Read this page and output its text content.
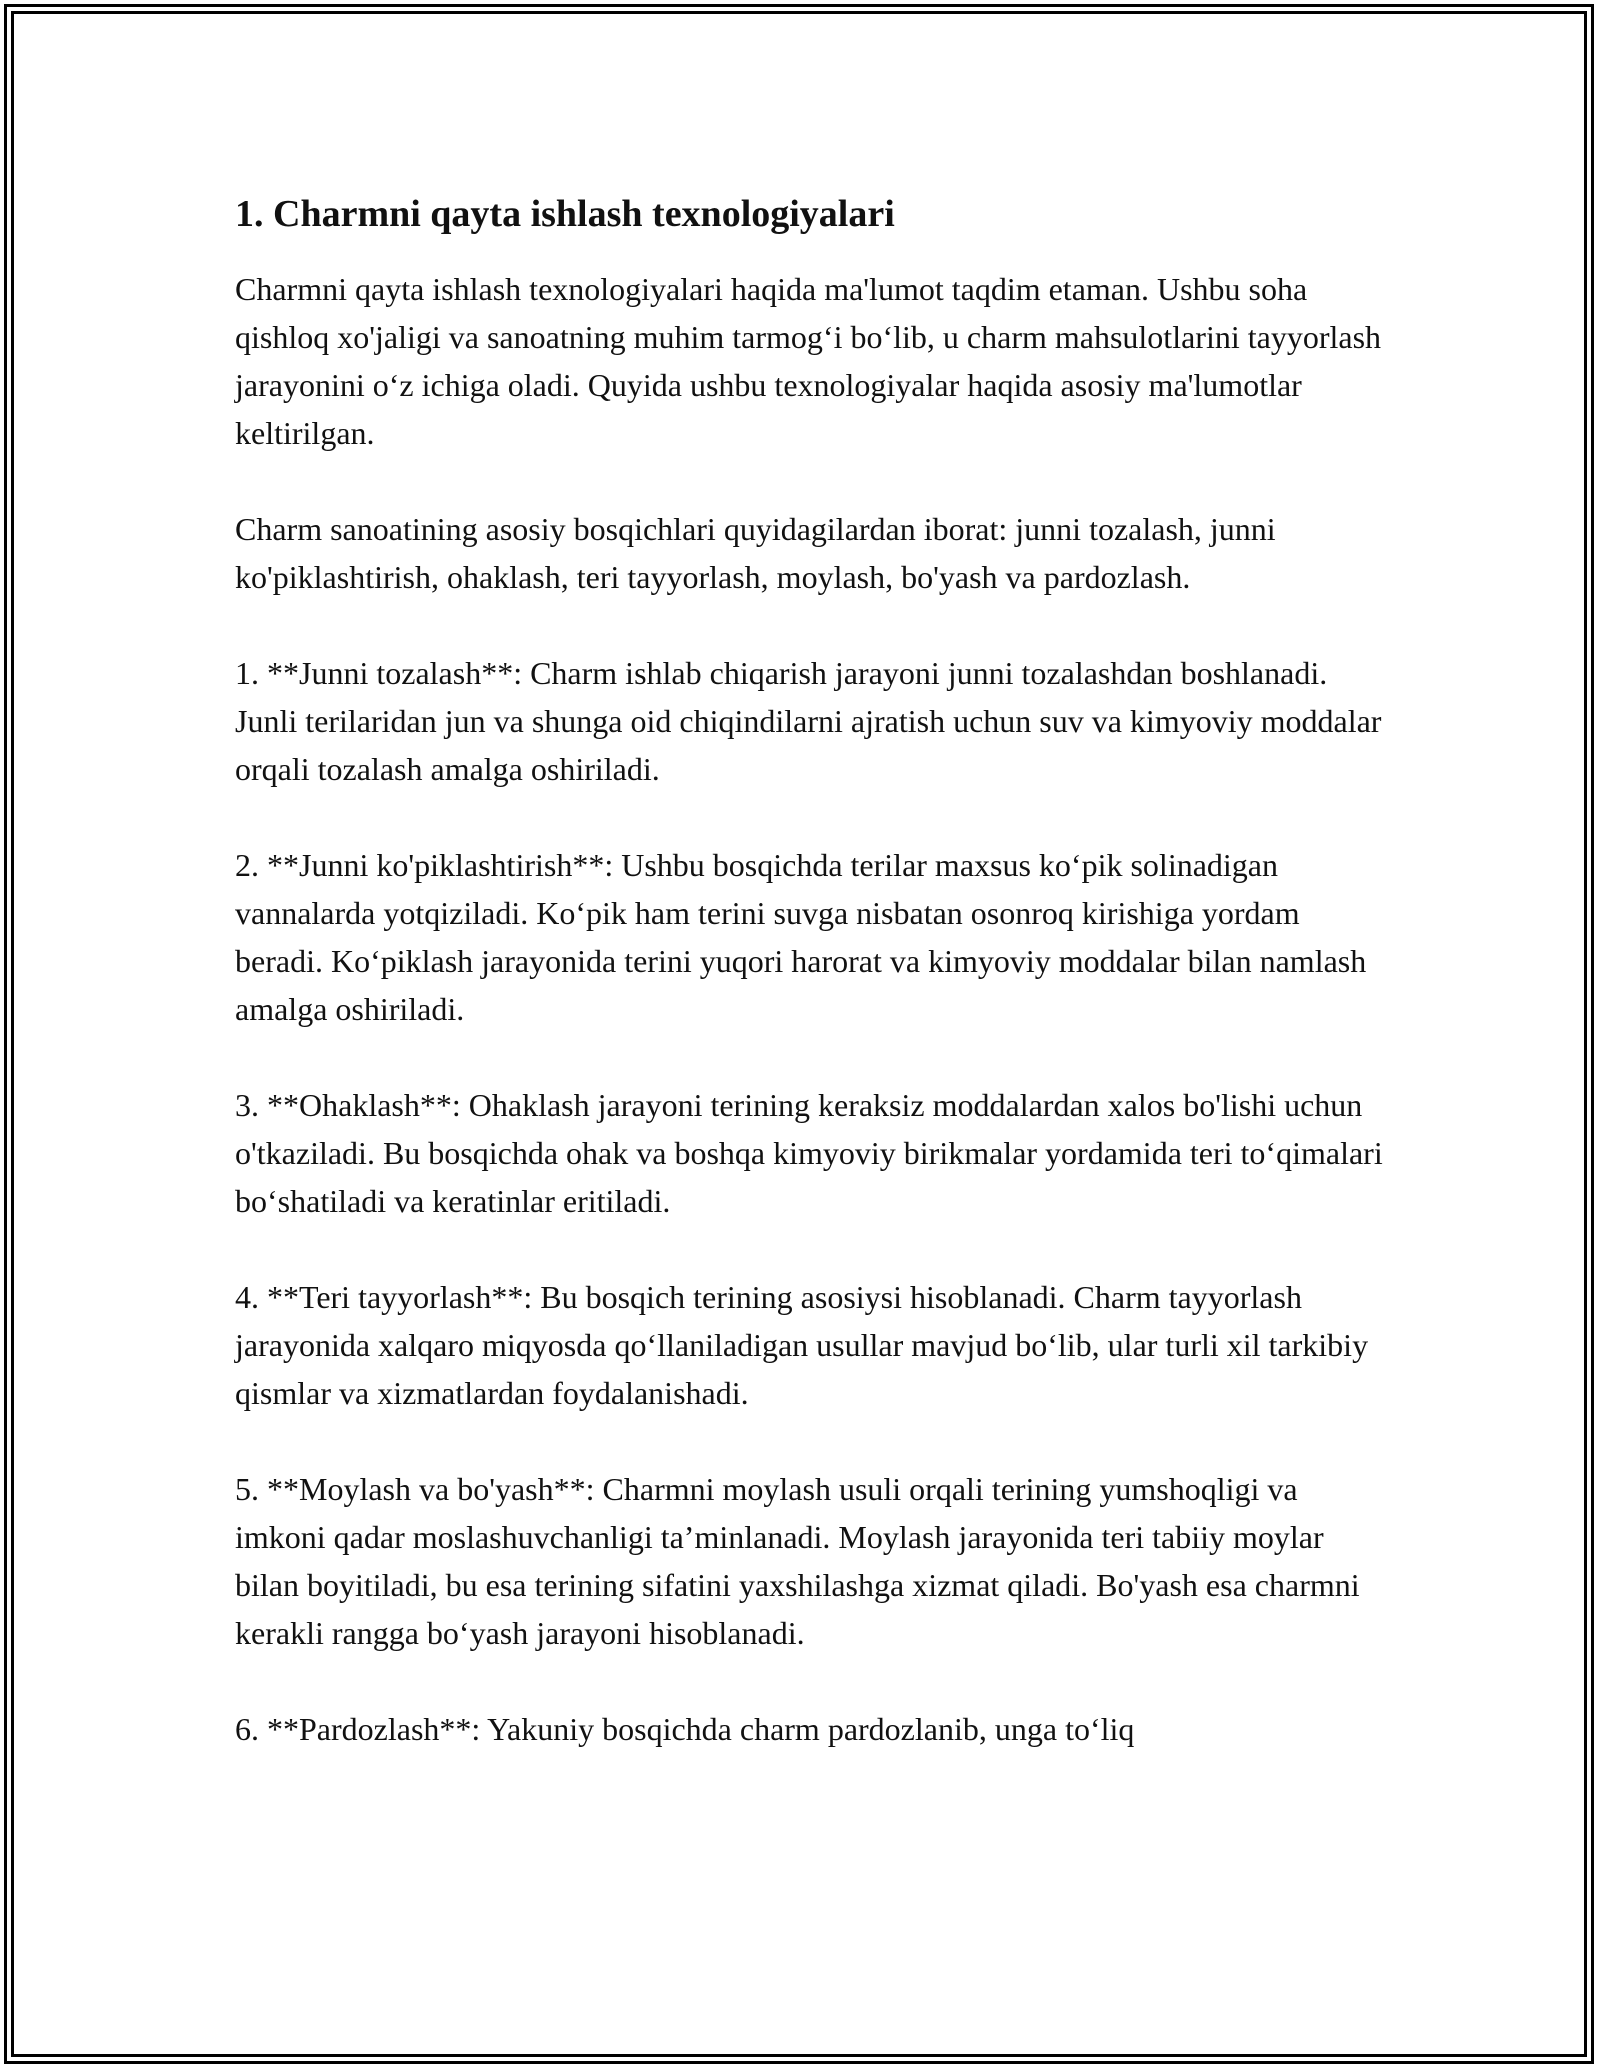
1. Charmni qayta ishlash texnologiyalari

Charmni qayta ishlash texnologiyalari haqida ma'lumot taqdim etaman. Ushbu soha qishloq xo'jaligi va sanoatning muhim tarmog‘i bo‘lib, u charm mahsulotlarini tayyorlash jarayonini o‘z ichiga oladi. Quyida ushbu texnologiyalar haqida asosiy ma'lumotlar keltirilgan.

Charm sanoatining asosiy bosqichlari quyidagilardan iborat: junni tozalash, junni ko'piklashtirish, ohaklash, teri tayyorlash, moylash, bo'yash va pardozlash.

1. **Junni tozalash**: Charm ishlab chiqarish jarayoni junni tozalashdan boshlanadi. Junli terilaridan jun va shunga oid chiqindilarni ajratish uchun suv va kimyoviy moddalar orqali tozalash amalga oshiriladi.

2. **Junni ko'piklashtirish**: Ushbu bosqichda terilar maxsus ko‘pik solinadigan vannalarda yotqiziladi. Ko‘pik ham terini suvga nisbatan osonroq kirishiga yordam beradi. Ko‘piklash jarayonida terini yuqori harorat va kimyoviy moddalar bilan namlash amalga oshiriladi.

3. **Ohaklash**: Ohaklash jarayoni terining keraksiz moddalardan xalos bo'lishi uchun o'tkaziladi. Bu bosqichda ohak va boshqa kimyoviy birikmalar yordamida teri to‘qimalari bo‘shatiladi va keratinlar eritiladi.

4. **Teri tayyorlash**: Bu bosqich terining asosiysi hisoblanadi. Charm tayyorlash jarayonida xalqaro miqyosda qo‘llaniladigan usullar mavjud bo‘lib, ular turli xil tarkibiy qismlar va xizmatlardan foydalanishadi.

5. **Moylash va bo'yash**: Charmni moylash usuli orqali terining yumshoqligi va imkoni qadar moslashuvchanligi ta’minlanadi. Moylash jarayonida teri tabiiy moylar bilan boyitiladi, bu esa terining sifatini yaxshilashga xizmat qiladi. Bo'yash esa charmni kerakli rangga bo‘yash jarayoni hisoblanadi.

6. **Pardozlash**: Yakuniy bosqichda charm pardozlanib, unga to‘liq
